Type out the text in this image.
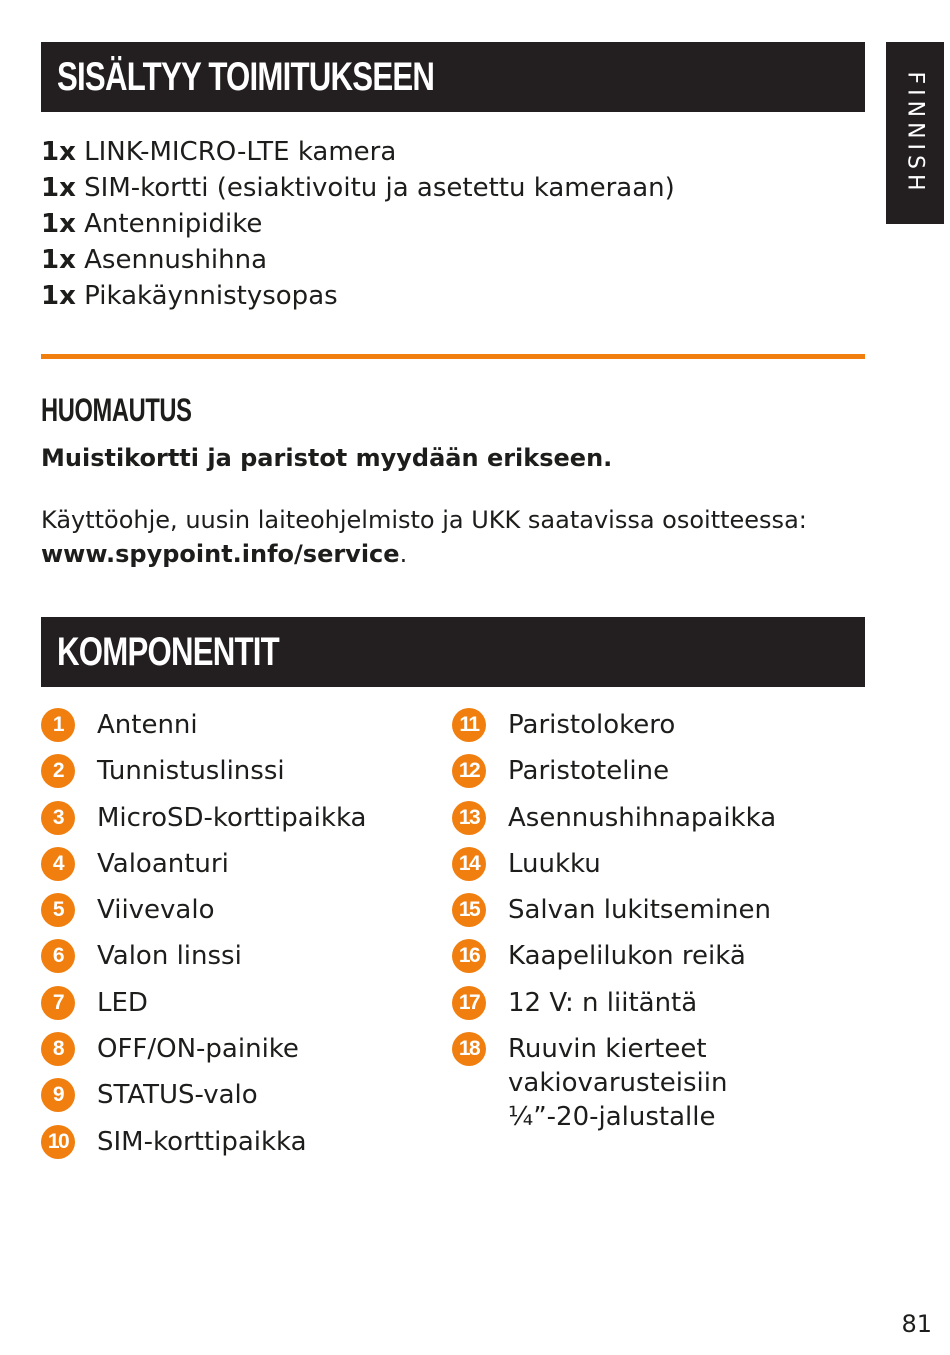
SISÄLTYY TOIMITUKSEEN	FINNISH
1x LINK-MICRO-LTE kamera
1x SIM-kortti (esiaktivoitu ja asetettu kameraan)
1x Antennipidike
1x Asennushihna
1x Pikakäynnistysopas
HUOMAUTUS
Muistikortti ja paristot myydään erikseen.
Käyttöohje, uusin laiteohjelmisto ja UKK saatavissa osoitteessa:
www.spypoint.info/service.
KOMPONENTIT
1	Antenni
2	Tunnistuslinssi
3	MicroSD-korttipaikka
4	Valoanturi
5	Viivevalo
6	Valon linssi
7	LED
8	OFF/ON-painike
9	STATUS-valo
10 SIM-korttipaikka
11 Paristolokero
12 Paristoteline
13 Asennushihnapaikka
14 Luukku
15 Salvan lukitseminen
16 Kaapelilukon reikä
17 12 V: n liitäntä
18 Ruuvin kierteet vakiovarusteisiin ¼”-20-jalustalle
81
